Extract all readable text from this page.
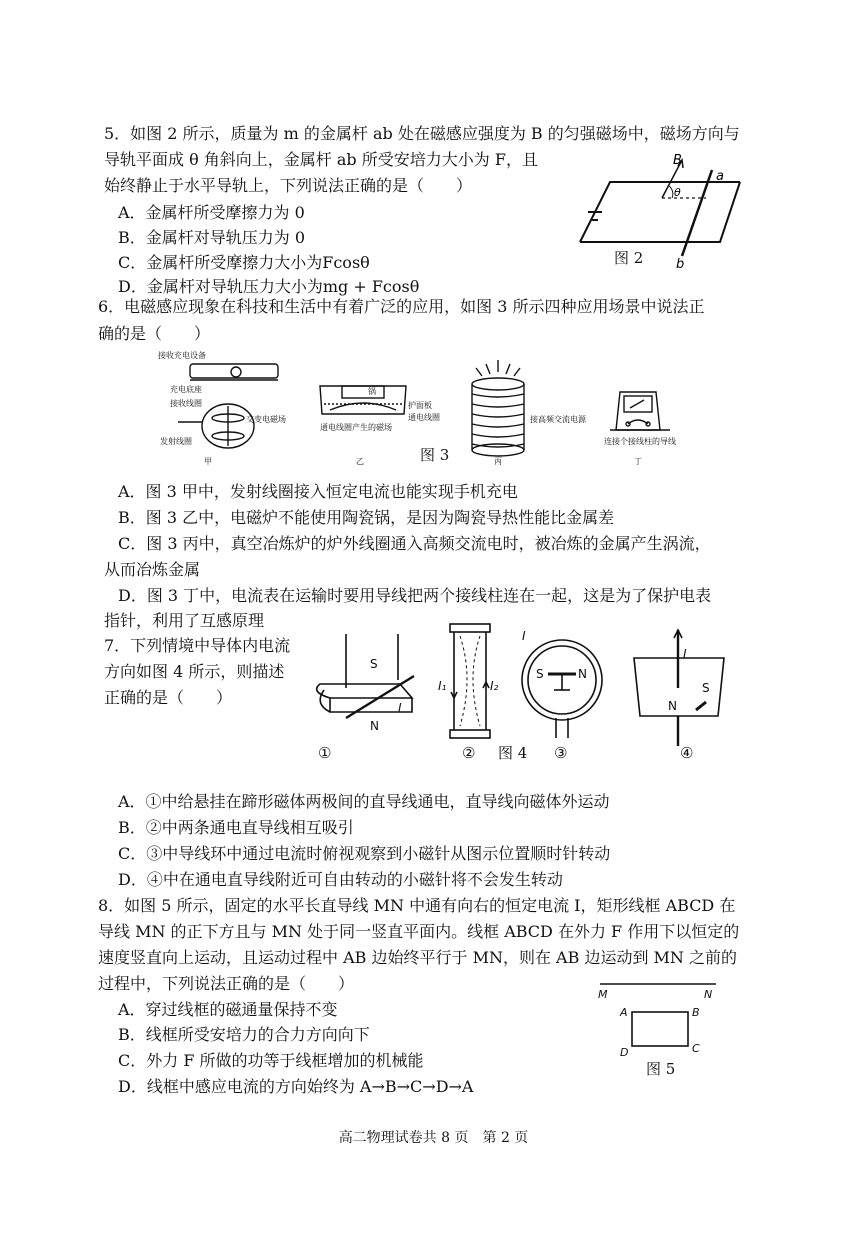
5．如图 2 所示，质量为 m 的金属杆 ab 处在磁感应强度为 B 的匀强磁场中，磁场方向与
导轨平面成 θ 角斜向上，金属杆 ab 所受安培力大小为 F，且
始终静止于水平导轨上，下列说法正确的是（　　）
A．金属杆所受摩擦力为 0
B．金属杆对导轨压力为 0
C．金属杆所受摩擦力大小为Fcosθ
D．金属杆对导轨压力大小为mg + Fcosθ
B
θ
a
b
图 2
6．电磁感应现象在科技和生活中有着广泛的应用，如图 3 所示四种应用场景中说法正
确的是（　　）
接收充电设备
充电底座
接收线圈
交变电磁场
发射线圈
甲
锅
护面板
通电线圈
通电线圈产生的磁场
乙
接高频交流电源
丙
连接个接线柱的导线
丁
图 3
A．图 3 甲中，发射线圈接入恒定电流也能实现手机充电
B．图 3 乙中，电磁炉不能使用陶瓷锅，是因为陶瓷导热性能比金属差
C．图 3 丙中，真空冶炼炉的炉外线圈通入高频交流电时，被冶炼的金属产生涡流，
从而冶炼金属
D．图 3 丁中，电流表在运输时要用导线把两个接线柱连在一起，这是为了保护电表
指针，利用了互感原理
7．下列情境中导体内电流
方向如图 4 所示，则描述
正确的是（　　）
S
N
I
I₁	I₂
I
S	N
I
S
N
①	②	③	④
图 4
A．①中给悬挂在蹄形磁体两极间的直导线通电，直导线向磁体外运动
B．②中两条通电直导线相互吸引
C．③中导线环中通过电流时俯视观察到小磁针从图示位置顺时针转动
D．④中在通电直导线附近可自由转动的小磁针将不会发生转动
8．如图 5 所示，固定的水平长直导线 MN 中通有向右的恒定电流 I，矩形线框 ABCD 在
导线 MN 的正下方且与 MN 处于同一竖直平面内。线框 ABCD 在外力 F 作用下以恒定的
速度竖直向上运动，且运动过程中 AB 边始终平行于 MN，则在 AB 边运动到 MN 之前的
过程中，下列说法正确的是（　　）
A．穿过线框的磁通量保持不变
B．线框所受安培力的合力方向向下
C．外力 F 所做的功等于线框增加的机械能
D．线框中感应电流的方向始终为 A→B→C→D→A
M	N
A	B
C
D
图 5
高二物理试卷共 8 页　第 2 页
